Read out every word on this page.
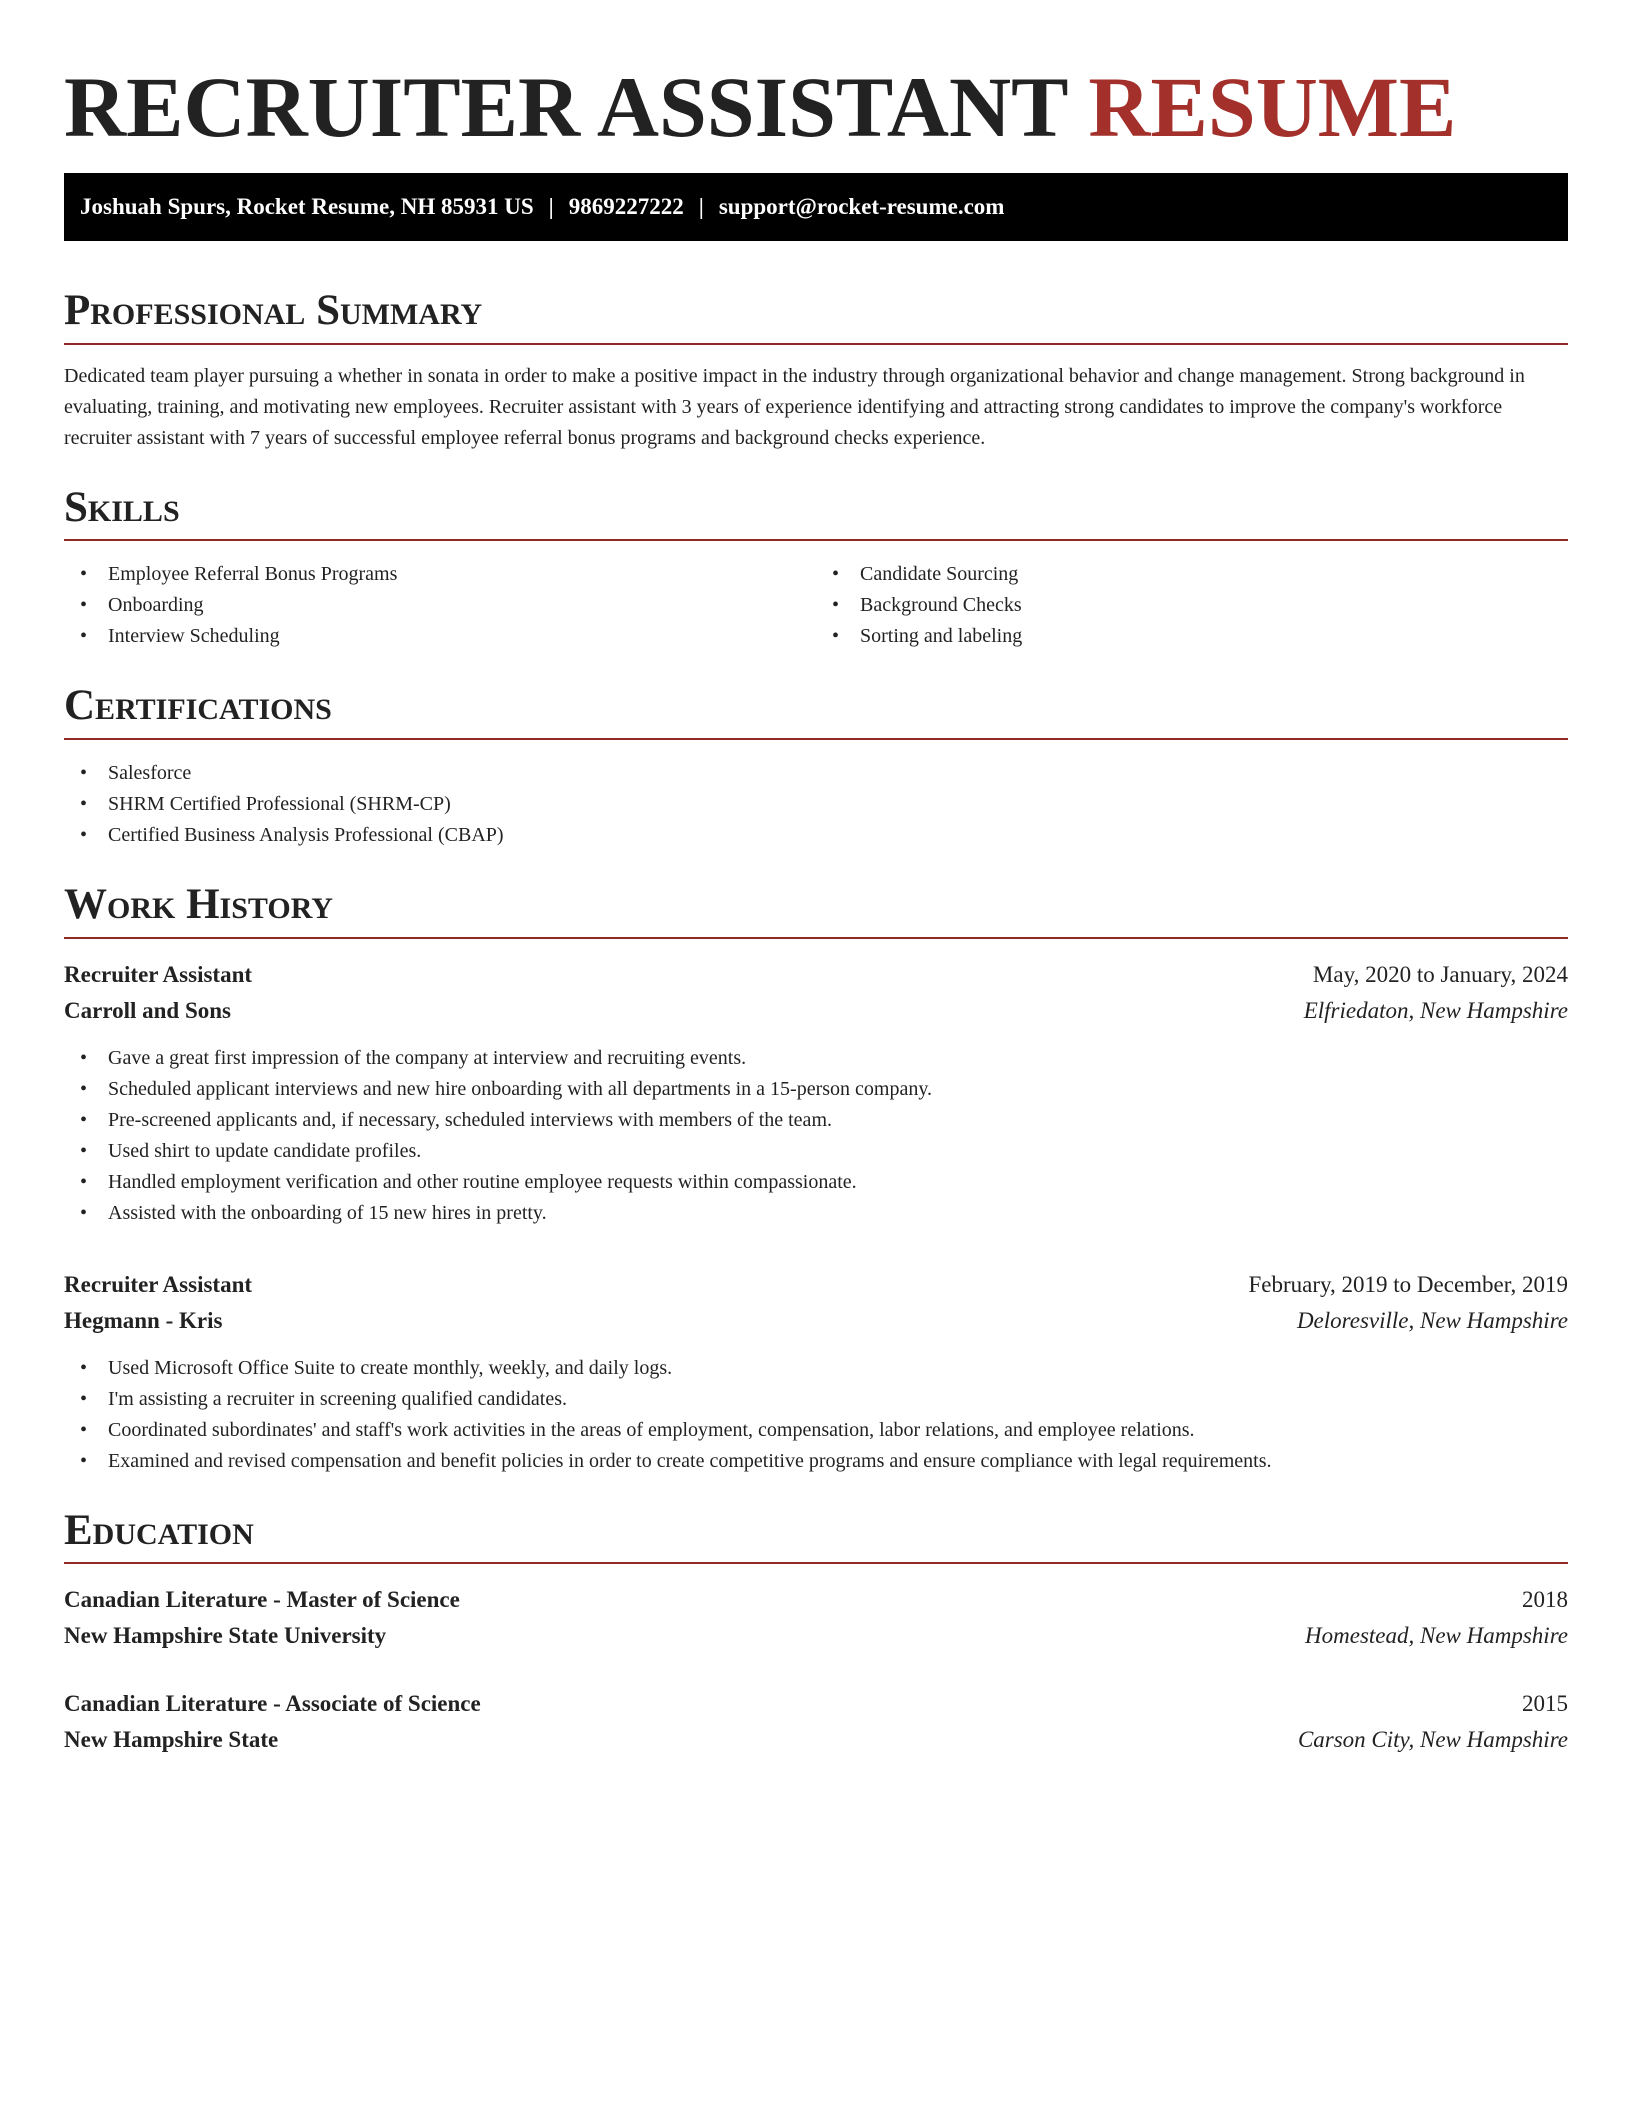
RECRUITER ASSISTANT RESUME
Joshuah Spurs, Rocket Resume, NH 85931 US | 9869227222 | support@rocket-resume.com
Professional Summary

Dedicated team player pursuing a whether in sonata in order to make a positive impact in the industry through organizational behavior and change management. Strong background in evaluating, training, and motivating new employees. Recruiter assistant with 3 years of experience identifying and attracting strong candidates to improve the company's workforce recruiter assistant with 7 years of successful employee referral bonus programs and background checks experience.

Skills
• Employee Referral Bonus Programs
• Onboarding
• Interview Scheduling
• Candidate Sourcing
• Background Checks
• Sorting and labeling
Certifications
• Salesforce
• SHRM Certified Professional (SHRM-CP)
• Certified Business Analysis Professional (CBAP)
Work History
Recruiter Assistant	May, 2020 to January, 2024
Carroll and Sons	Elfriedaton, New Hampshire
• Gave a great first impression of the company at interview and recruiting events.
• Scheduled applicant interviews and new hire onboarding with all departments in a 15-person company.
• Pre-screened applicants and, if necessary, scheduled interviews with members of the team.
• Used shirt to update candidate profiles.
• Handled employment verification and other routine employee requests within compassionate.
• Assisted with the onboarding of 15 new hires in pretty.
Recruiter Assistant	February, 2019 to December, 2019
Hegmann - Kris	Deloresville, New Hampshire
• Used Microsoft Office Suite to create monthly, weekly, and daily logs.
• I'm assisting a recruiter in screening qualified candidates.
• Coordinated subordinates' and staff's work activities in the areas of employment, compensation, labor relations, and employee relations.
• Examined and revised compensation and benefit policies in order to create competitive programs and ensure compliance with legal requirements.
Education
Canadian Literature - Master of Science	2018
New Hampshire State University	Homestead, New Hampshire
Canadian Literature - Associate of Science	2015
New Hampshire State	Carson City, New Hampshire
